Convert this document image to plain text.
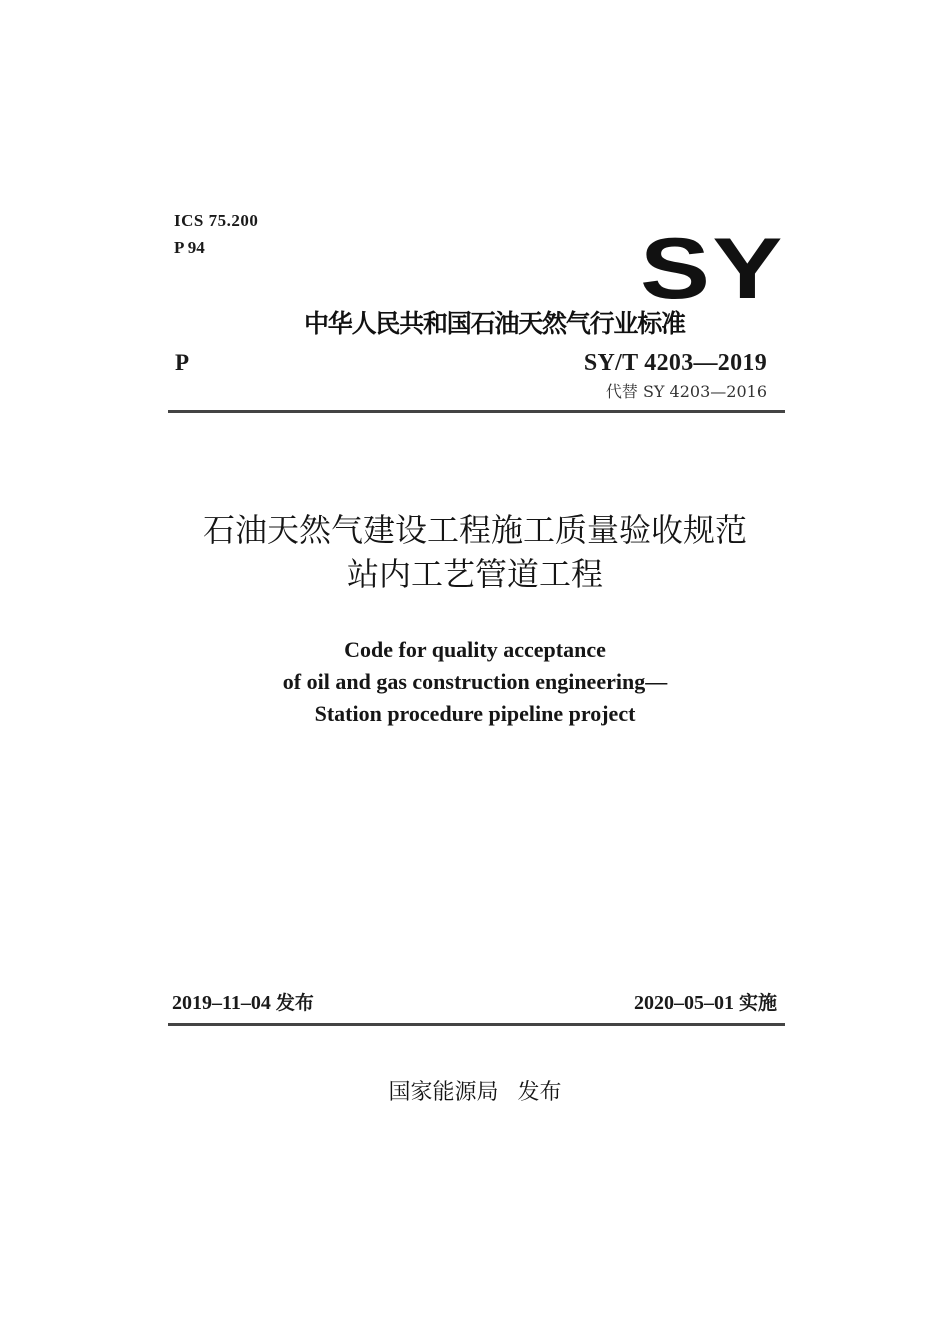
ICS 75.200
P 94	SY
中华人民共和国石油天然气行业标准
P	SY/T 4203—2019
代替 SY 4203—2016

石油天然气建设工程施工质量验收规范

站内工艺管道工程

Code for quality acceptance

of oil and gas construction engineering—

Station procedure pipeline project

2019–11–04 发布	2020–05–01 实施
国家能源局 发布
